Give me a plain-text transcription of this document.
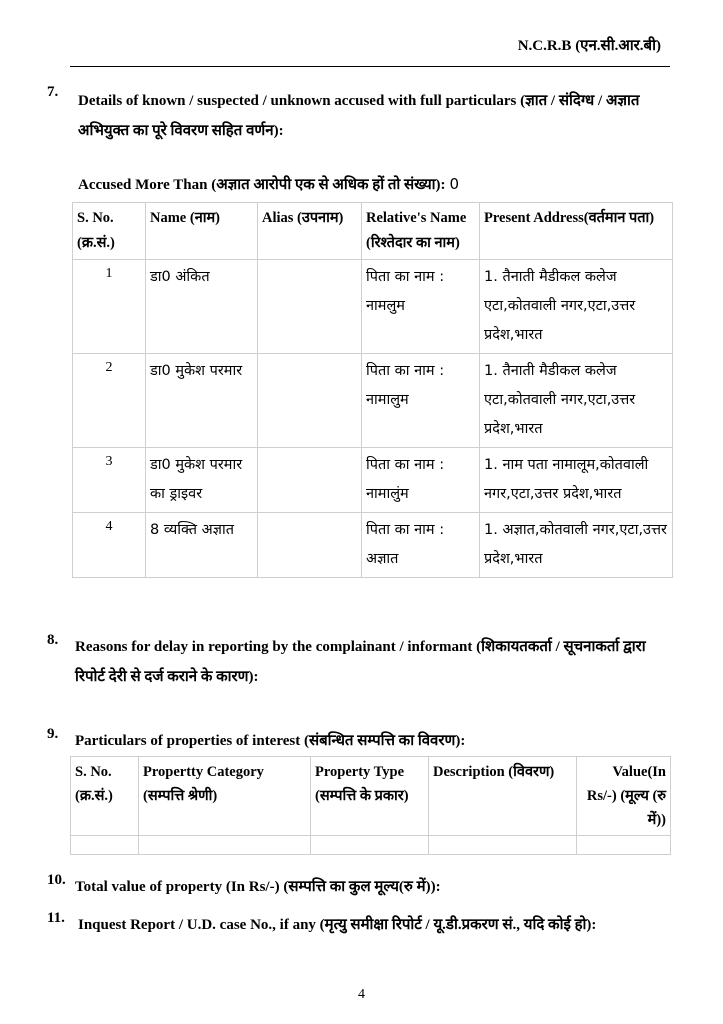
N.C.R.B (एन.सी.आर.बी)
7.
Details of known / suspected / unknown accused with full particulars (ज्ञात / संदिग्ध / अज्ञात अभियुक्त का पूरे विवरण सहित वर्णन):
Accused More Than (अज्ञात आरोपी एक से अधिक हों तो संख्या): 0
S. No. (क्र.सं.)	Name (नाम)	Alias (उपनाम)	Relative's Name (रिश्तेदार का नाम)	Present Address(वर्तमान पता)
1	डा0 अंकित		पिता का नाम : नामलुम	1. तैनाती मैडीकल कलेज एटा,कोतवाली नगर,एटा,उत्तर प्रदेश,भारत
2	डा0 मुकेश परमार		पिता का नाम : नामालुम	1. तैनाती मैडीकल कलेज एटा,कोतवाली नगर,एटा,उत्तर प्रदेश,भारत
3	डा0 मुकेश परमार का ड्राइवर		पिता का नाम : नामालुंम	1. नाम पता नामालूम,कोतवाली नगर,एटा,उत्तर प्रदेश,भारत
4	8 व्यक्ति अज्ञात		पिता का नाम : अज्ञात	1. अज्ञात,कोतवाली नगर,एटा,उत्तर प्रदेश,भारत
8. Reasons for delay in reporting by the complainant / informant (शिकायतकर्ता / सूचनाकर्ता द्वारा रिपोर्ट देरी से दर्ज कराने के कारण):
9. Particulars of properties of interest (संबन्धित सम्पत्ति का विवरण):
S. No. (क्र.सं.)	Propertty Category (सम्पत्ति श्रेणी)	Property Type (सम्पत्ति के प्रकार)	Description (विवरण)	Value(In Rs/-) (मूल्य (रु में))

10. Total value of property (In Rs/-) (सम्पत्ति का कुल मूल्य(रु में)):
11. Inquest Report / U.D. case No., if any (मृत्यु समीक्षा रिपोर्ट / यू.डी.प्रकरण सं., यदि कोई हो):
4
